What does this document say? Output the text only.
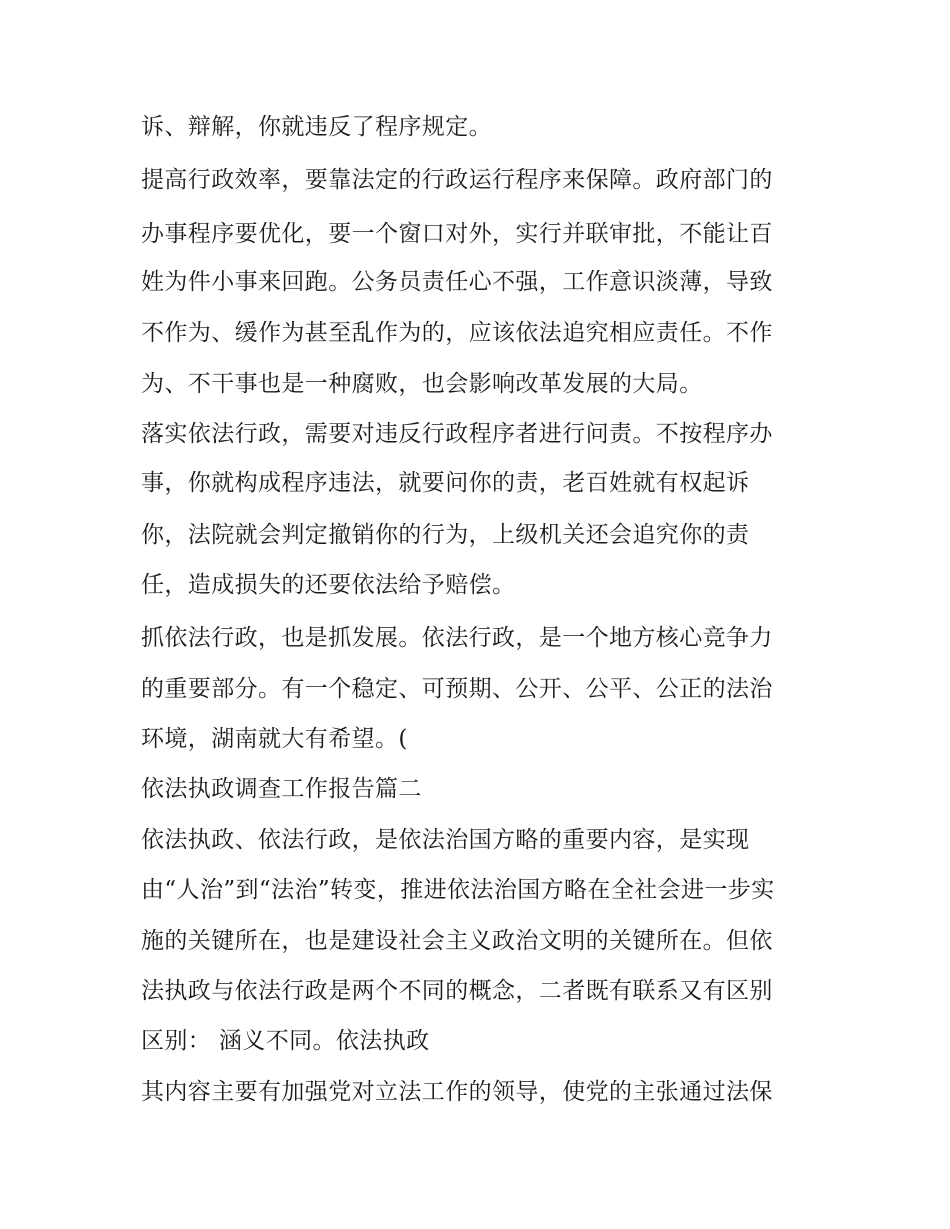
诉、辩解，你就违反了程序规定。
提高行政效率，要靠法定的行政运行程序来保障。政府部门的
办事程序要优化，要一个窗口对外，实行并联审批，不能让百
姓为件小事来回跑。公务员责任心不强，工作意识淡薄，导致
不作为、缓作为甚至乱作为的，应该依法追究相应责任。不作
为、不干事也是一种腐败，也会影响改革发展的大局。
落实依法行政，需要对违反行政程序者进行问责。不按程序办
事，你就构成程序违法，就要问你的责，老百姓就有权起诉
你，法院就会判定撤销你的行为，上级机关还会追究你的责
任，造成损失的还要依法给予赔偿。
抓依法行政，也是抓发展。依法行政，是一个地方核心竞争力
的重要部分。有一个稳定、可预期、公开、公平、公正的法治
环境，湖南就大有希望。(
依法执政调查工作报告篇二
依法执政、依法行政，是依法治国方略的重要内容，是实现
由“人治”到“法治”转变，推进依法治国方略在全社会进一步实
施的关键所在，也是建设社会主义政治文明的关键所在。但依
法执政与依法行政是两个不同的概念，二者既有联系又有区别
区别： 涵义不同。依法执政
其内容主要有加强党对立法工作的领导，使党的主张通过法保
